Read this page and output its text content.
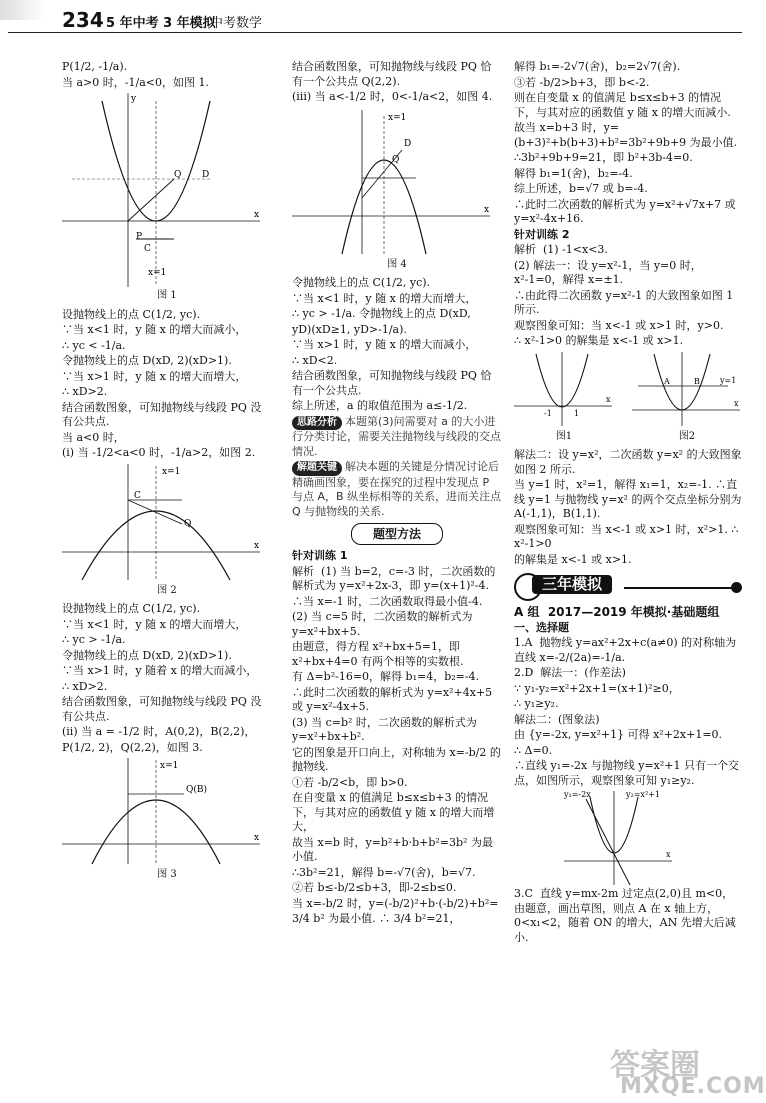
234 5 年中考 3 年模拟
中考数学

P(1/2, -1/a).

当 a>0 时，-1/a<0，如图 1.

P
Q D
C
x=1
x
y
图 1

设抛物线上的点 C(1/2, yc).

∵当 x<1 时，y 随 x 的增大而减小，

∴ yc < -1/a.

令抛物线上的点 D(xD, 2)(xD>1).

∵当 x>1 时，y 随 x 的增大而增大，

∴ xD>2.

结合函数图象，可知抛物线与线段 PQ 没有公共点.

当 a<0 时，

(i) 当 -1/2<a<0 时，-1/a>2，如图 2.

x=1
C
Q
x
图 2

设抛物线上的点 C(1/2, yc).

∵当 x<1 时，y 随 x 的增大而增大，

∴ yc > -1/a.

令抛物线上的点 D(xD, 2)(xD>1).

∵当 x>1 时，y 随着 x 的增大而减小，

∴ xD>2.

结合函数图象，可知抛物线与线段 PQ 没有公共点.

(ii) 当 a = -1/2 时，A(0,2)，B(2,2)，

P(1/2, 2)，Q(2,2)，如图 3.

x=1
Q(B)
x
图 3

结合函数图象，可知抛物线与线段 PQ 恰有一个公共点 Q(2,2).

(iii) 当 a<-1/2 时，0<-1/a<2，如图 4.

x=1
D
Q
x
图 4

令抛物线上的点 C(1/2, yc).

∵当 x<1 时，y 随 x 的增大而增大，

∴ yc > -1/a. 令抛物线上的点 D(xD,

yD)(xD≥1, yD>-1/a).

∵当 x>1 时，y 随 x 的增大而减小，

∴ xD<2.

结合函数图象，可知抛物线与线段 PQ 恰有一个公共点.

综上所述，a 的取值范围为 a≤-1/2.

思路分析 本题第(3)问需要对 a 的大小进行分类讨论，需要关注抛物线与线段的交点情况.

解题关键 解决本题的关键是分情况讨论后精确画图象，要在探究的过程中发现点 P 与点 A，B 纵坐标相等的关系，进而关注点 Q 与抛物线的关系.

题型方法

针对训练 1

解析  (1) 当 b=2，c=-3 时，二次函数的解析式为 y=x²+2x-3，即 y=(x+1)²-4.

∴当 x=-1 时，二次函数取得最小值-4.

(2) 当 c=5 时，二次函数的解析式为 y=x²+bx+5.

由题意，得方程 x²+bx+5=1，即 x²+bx+4=0 有两个相等的实数根.

有 Δ=b²-16=0，解得 b₁=4，b₂=-4.

∴此时二次函数的解析式为 y=x²+4x+5 或 y=x²-4x+5.

(3) 当 c=b² 时，二次函数的解析式为 y=x²+bx+b².

它的图象是开口向上，对称轴为 x=-b/2 的抛物线.

①若 -b/2<b，即 b>0.

在自变量 x 的值满足 b≤x≤b+3 的情况下，与其对应的函数值 y 随 x 的增大而增大，

故当 x=b 时，y=b²+b·b+b²=3b² 为最小值.

∴3b²=21，解得 b=-√7(舍)，b=√7.

②若 b≤-b/2≤b+3，即-2≤b≤0.

当 x=-b/2 时，y=(-b/2)²+b·(-b/2)+b²=

3/4 b² 为最小值. ∴ 3/4 b²=21，

解得 b₁=-2√7(舍)，b₂=2√7(舍).

③若 -b/2>b+3，即 b<-2.

则在自变量 x 的值满足 b≤x≤b+3 的情况下，与其对应的函数值 y 随 x 的增大而减小.

故当 x=b+3 时，y=(b+3)²+b(b+3)+b²=3b²+9b+9 为最小值.

∴3b²+9b+9=21，即 b²+3b-4=0.

解得 b₁=1(舍)，b₂=-4.

综上所述，b=√7 或 b=-4.

∴此时二次函数的解析式为 y=x²+√7x+7 或 y=x²-4x+16.

针对训练 2

解析  (1) -1<x<3.

(2) 解法一：设 y=x²-1，当 y=0 时，x²-1=0，解得 x=±1.

∴由此得二次函数 y=x²-1 的大致图象如图 1 所示.

观察图象可知：当 x<-1 或 x>1 时，y>0.

∴ x²-1>0 的解集是 x<-1 或 x>1.

-1	1
x
图1
A	B	y=1
x
图2

解法二：设 y=x²，二次函数 y=x² 的大致图象如图 2 所示.

当 y=1 时，x²=1，解得 x₁=1，x₂=-1. ∴直线 y=1 与抛物线 y=x² 的两个交点坐标分别为 A(-1,1)，B(1,1).

观察图象可知：当 x<-1 或 x>1 时，x²>1. ∴ x²-1>0

的解集是 x<-1 或 x>1.

三年模拟

A 组  2017—2019 年模拟·基础题组

一、选择题

1.A  抛物线 y=ax²+2x+c(a≠0) 的对称轴为直线 x=-2/(2a)=-1/a.

2.D  解法一：(作差法)

∵ y₁-y₂=x²+2x+1=(x+1)²≥0，

∴ y₁≥y₂.

解法二：(图象法)

由 {y=-2x, y=x²+1} 可得 x²+2x+1=0.

∴ Δ=0.

∴直线 y₁=-2x 与抛物线 y=x²+1 只有一个交点，如图所示，观察图象可知 y₁≥y₂.

y₁=-2x	y₂=x²+1
x

3.C  直线 y=mx-2m 过定点(2,0)且 m<0，由题意，画出草图，则点 A 在 x 轴上方，0<x₁<2，随着 ON 的增大，AN 先增大后减小.

答案圈
MXQE.COM
